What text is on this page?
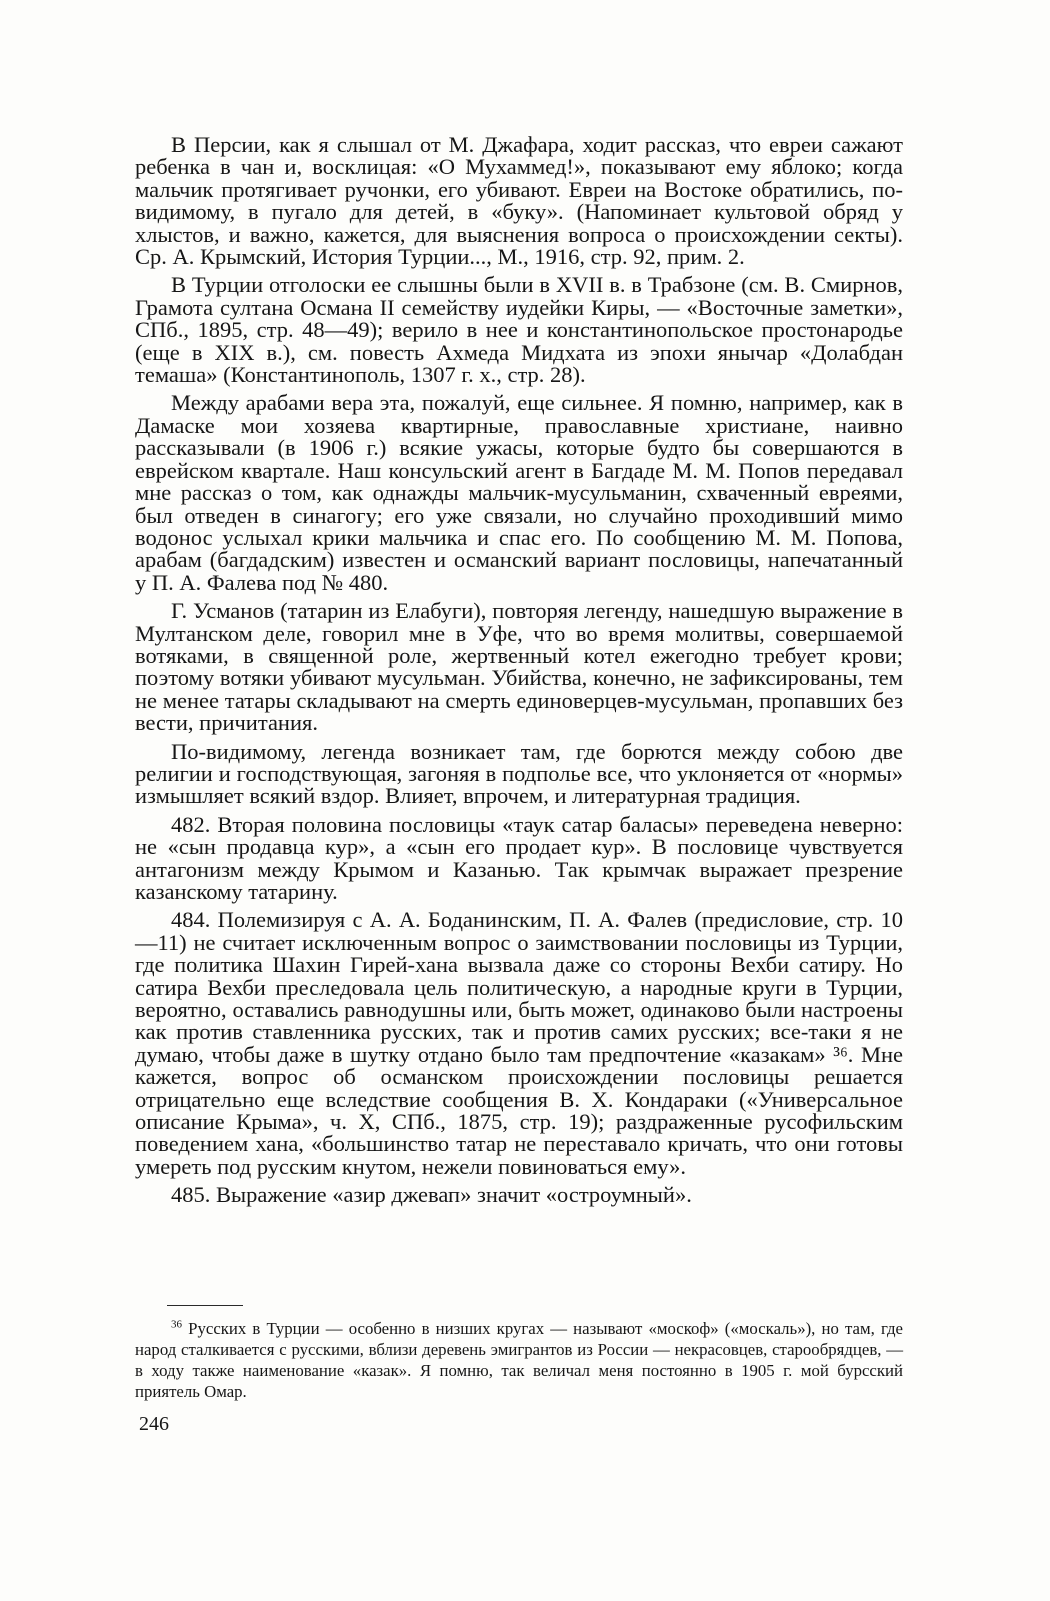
В Персии, как я слышал от М. Джафара, ходит рассказ, что евреи сажают ребенка в чан и, восклицая: «О Мухаммед!», показывают ему яблоко; когда мальчик протягивает ручонки, его убивают. Евреи на Востоке обратились, по-видимому, в пугало для детей, в «буку». (Напоминает культовой обряд у хлыстов, и важно, кажется, для выяснения вопроса о происхождении секты). Ср. А. Крымский, История Турции..., М., 1916, стр. 92, прим. 2.

В Турции отголоски ее слышны были в XVII в. в Трабзоне (см. В. Смирнов, Грамота султана Османа II семейству иудейки Киры, — «Восточные заметки», СПб., 1895, стр. 48—49); верило в нее и константинопольское простонародье (еще в XIX в.), см. повесть Ахмеда Мидхата из эпохи янычар «Долабдан темаша» (Константинополь, 1307 г. х., стр. 28).

Между арабами вера эта, пожалуй, еще сильнее. Я помню, например, как в Дамаске мои хозяева квартирные, православные христиане, наивно рассказывали (в 1906 г.) всякие ужасы, которые будто бы совершаются в еврейском квартале. Наш консульский агент в Багдаде М. М. Попов передавал мне рассказ о том, как однажды мальчик-мусульманин, схваченный евреями, был отведен в синагогу; его уже связали, но случайно проходивший мимо водонос услыхал крики мальчика и спас его. По сообщению М. М. Попова, арабам (багдадским) известен и османский вариант пословицы, напечатанный у П. А. Фалева под № 480.

Г. Усманов (татарин из Елабуги), повторяя легенду, нашедшую выражение в Мултанском деле, говорил мне в Уфе, что во время молитвы, совершаемой вотяками, в священной роле, жертвенный котел ежегодно требует крови; поэтому вотяки убивают мусульман. Убийства, конечно, не зафиксированы, тем не менее татары складывают на смерть единоверцев-мусульман, пропавших без вести, причитания.

По-видимому, легенда возникает там, где борются между собою две религии и господствующая, загоняя в подполье все, что уклоняется от «нормы» измышляет всякий вздор. Влияет, впрочем, и литературная традиция.

482. Вторая половина пословицы «таук сатар баласы» переведена неверно: не «сын продавца кур», а «сын его продает кур». В пословице чувствуется антагонизм между Крымом и Казанью. Так крымчак выражает презрение казанскому татарину.

484. Полемизируя с А. А. Боданинским, П. А. Фалев (предисловие, стр. 10—11) не считает исключенным вопрос о заимствовании пословицы из Турции, где политика Шахин Гирей-хана вызвала даже со стороны Вехби сатиру. Но сатира Вехби преследовала цель политическую, а народные круги в Турции, вероятно, оставались равнодушны или, быть может, одинаково были настроены как против ставленника русских, так и против самих русских; все-таки я не думаю, чтобы даже в шутку отдано было там предпочтение «казакам» ³⁶. Мне кажется, вопрос об османском происхождении пословицы решается отрицательно еще вследствие сообщения В. Х. Кондараки («Универсальное описание Крыма», ч. X, СПб., 1875, стр. 19); раздраженные русофильским поведением хана, «большинство татар не переставало кричать, что они готовы умереть под русским кнутом, нежели повиноваться ему».

485. Выражение «азир джевап» значит «остроумный».

$^{36}$ Русских в Турции — особенно в низших кругах — называют «москоф» («москаль»), но там, где народ сталкивается с русскими, вблизи деревень эмигрантов из России — некрасовцев, старообрядцев, — в ходу также наименование «казак». Я помню, так величал меня постоянно в 1905 г. мой бурсский приятель Омар.

246
